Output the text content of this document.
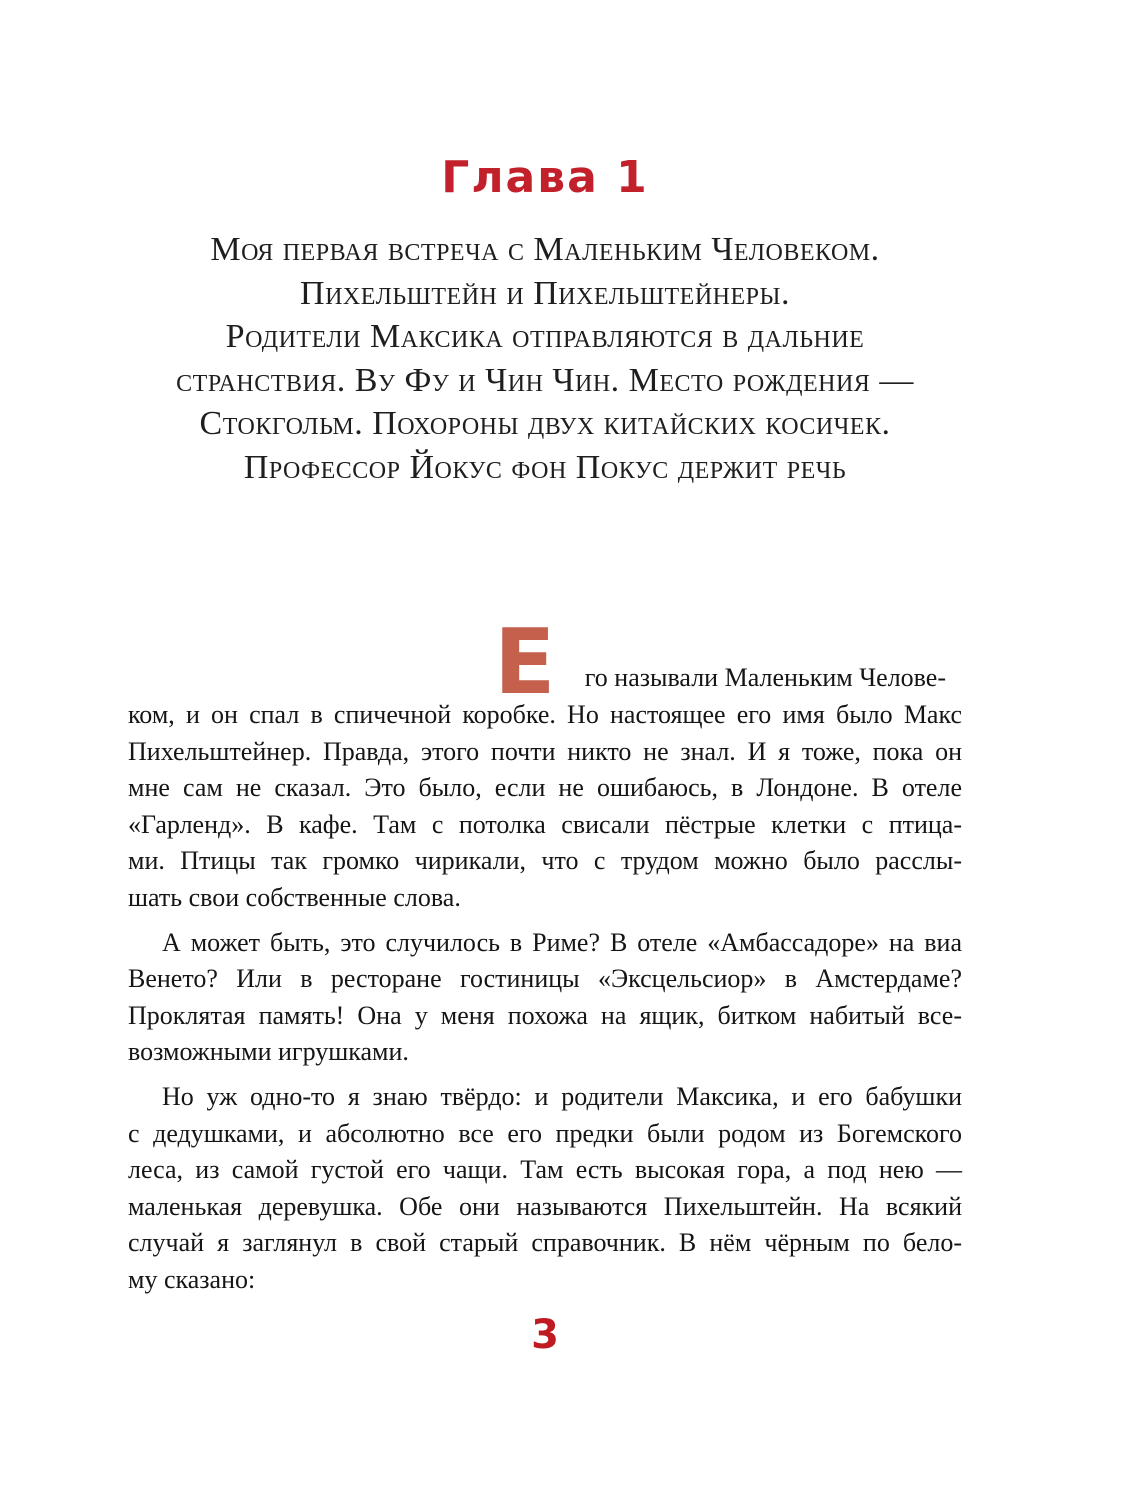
Глава 1
Моя первая встреча с Маленьким Человеком.
Пихельштейн и Пихельштейнеры.
Родители Максика отправляются в дальние
странствия. Ву Фу и Чин Чин. Место рождения —
Стокгольм. Похороны двух китайских косичек.
Профессор Йокус фон Покус держит речь
Е го называли Маленьким Челове-
ком, и он спал в спичечной коробке. Но настоящее его имя было Макс
Пихельштейнер. Правда, этого почти никто не знал. И я тоже, пока он
мне сам не сказал. Это было, если не ошибаюсь, в Лондоне. В отеле
«Гарленд». В кафе. Там с потолка свисали пёстрые клетки с птица-
ми. Птицы так громко чирикали, что с трудом можно было расслы-
шать свои собственные слова.
А может быть, это случилось в Риме? В отеле «Амбассадоре» на виа
Венето? Или в ресторане гостиницы «Эксцельсиор» в Амстердаме?
Проклятая память! Она у меня похожа на ящик, битком набитый все-
возможными игрушками.
Но уж одно-то я знаю твёрдо: и родители Максика, и его бабушки
с дедушками, и абсолютно все его предки были родом из Богемского
леса, из самой густой его чащи. Там есть высокая гора, а под нею —
маленькая деревушка. Обе они называются Пихельштейн. На всякий
случай я заглянул в свой старый справочник. В нём чёрным по бело-
му сказано:
3
